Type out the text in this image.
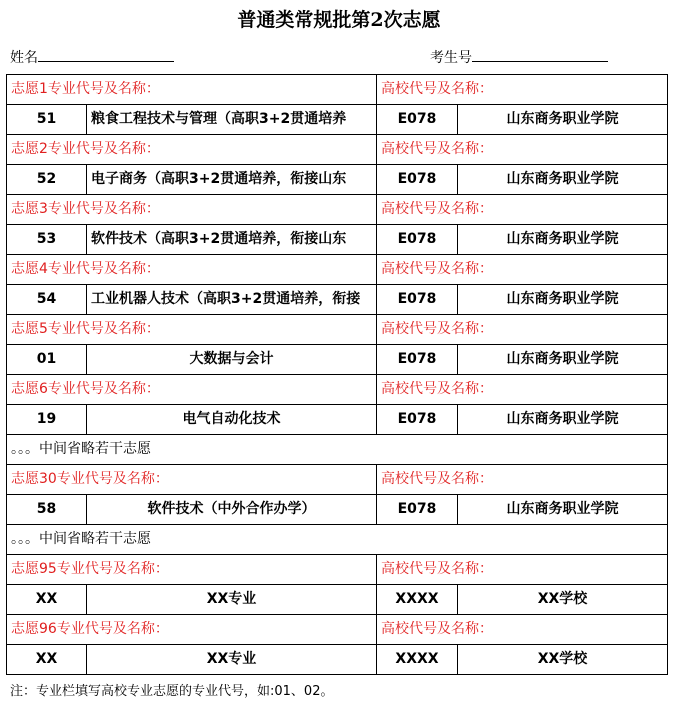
普通类常规批第2次志愿
姓名	考生号
志愿1专业代号及名称：		高校代号及名称：	
51	粮食工程技术与管理（高职3+2贯通培养	E078	山东商务职业学院
志愿2专业代号及名称：		高校代号及名称：	
52	电子商务（高职3+2贯通培养，衔接山东	E078	山东商务职业学院
志愿3专业代号及名称：		高校代号及名称：	
53	软件技术（高职3+2贯通培养，衔接山东	E078	山东商务职业学院
志愿4专业代号及名称：		高校代号及名称：	
54	工业机器人技术（高职3+2贯通培养，衔接	E078	山东商务职业学院
志愿5专业代号及名称：		高校代号及名称：	
01	大数据与会计	E078	山东商务职业学院
志愿6专业代号及名称：		高校代号及名称：	
19	电气自动化技术	E078	山东商务职业学院
。。。中间省略若干志愿			
志愿30专业代号及名称：		高校代号及名称：	
58	软件技术（中外合作办学）	E078	山东商务职业学院
。。。中间省略若干志愿			
志愿95专业代号及名称：		高校代号及名称：	
XX	XX专业	XXXX	XX学校
志愿96专业代号及名称：		高校代号及名称：	
XX	XX专业	XXXX	XX学校
注：专业栏填写高校专业志愿的专业代号，如:01、02。
